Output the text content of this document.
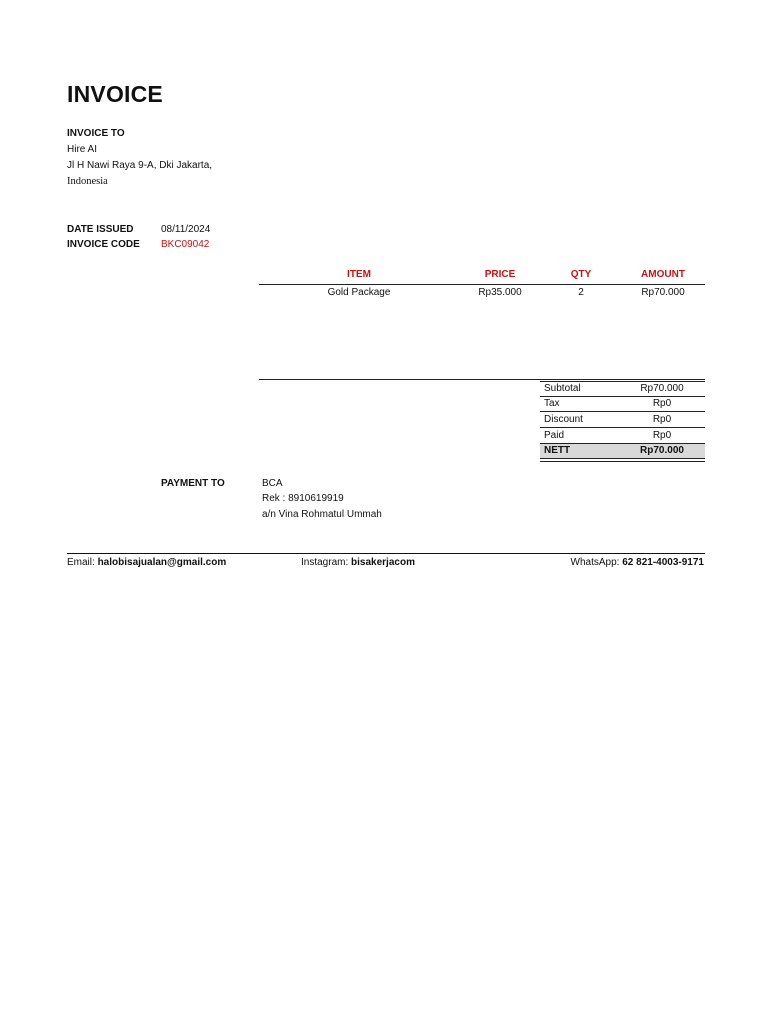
INVOICE
INVOICE TO
Hire AI
Jl H Nawi Raya 9-A, Dki Jakarta,
Indonesia
DATE ISSUED	08/11/2024
INVOICE CODE BKC09042
ITEM	PRICE	QTY	AMOUNT
Gold Package	Rp35.000	2	Rp70.000
Subtotal	Rp70.000
Tax	Rp0
Discount	Rp0
Paid	Rp0
NETT	Rp70.000
PAYMENT TO	BCA
Rek : 8910619919
a/n Vina Rohmatul Ummah
Email: halobisajualan@gmail.com	Instagram: bisakerjacom	WhatsApp: 62 821-4003-9171
